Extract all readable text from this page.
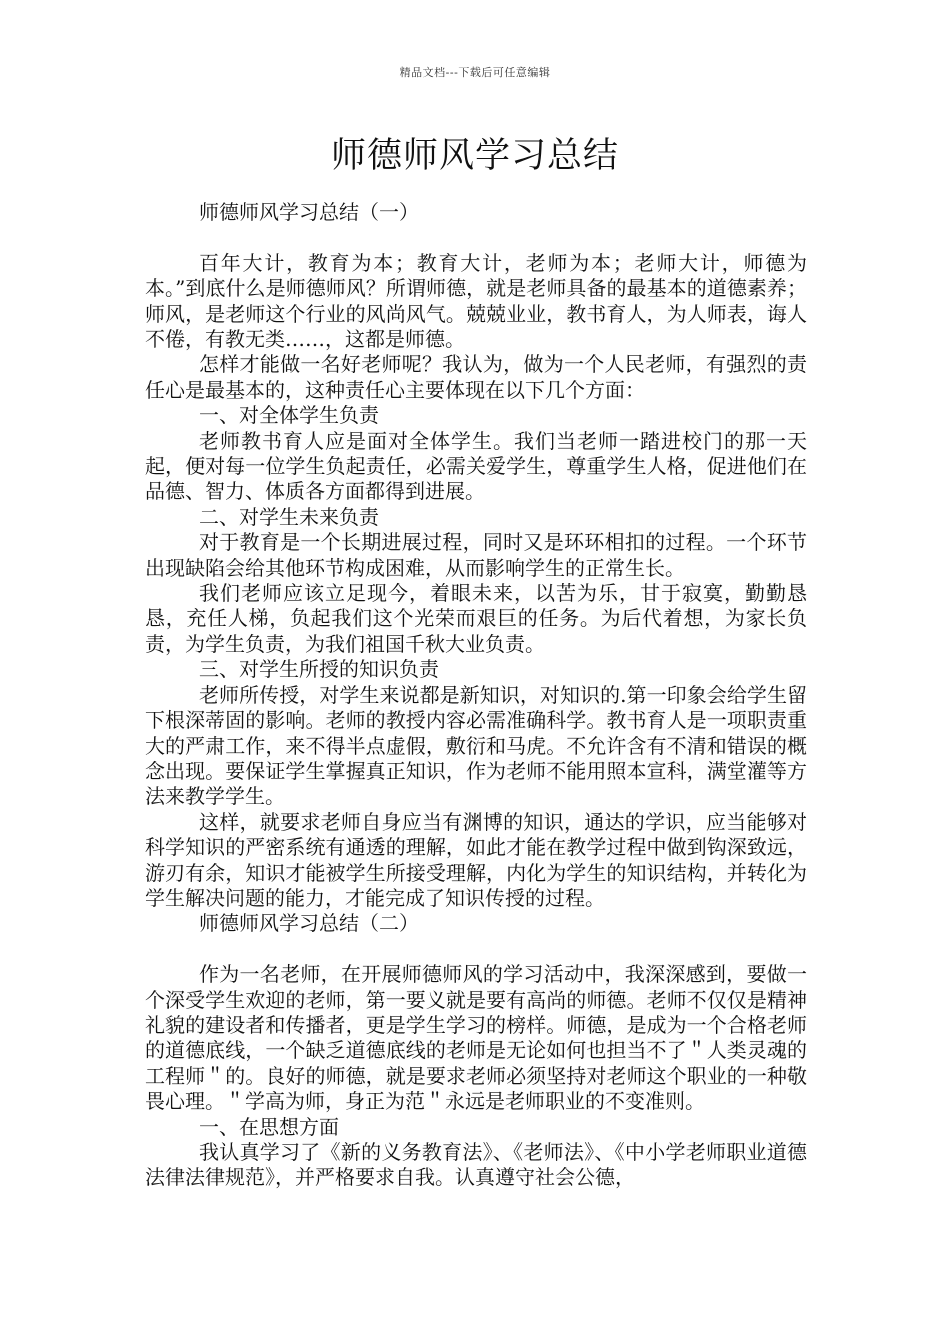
精品文档---下载后可任意编辑
师德师风学习总结

师德师风学习总结（一）

百年大计，教育为本；教育大计，老师为本；老师大计，师德为本。”到底什么是师德师风？所谓师德，就是老师具备的最基本的道德素养；师风，是老师这个行业的风尚风气。兢兢业业，教书育人，为人师表，诲人不倦，有教无类……，这都是师德。

怎样才能做一名好老师呢？我认为，做为一个人民老师，有强烈的责任心是最基本的，这种责任心主要体现在以下几个方面：

一、对全体学生负责

老师教书育人应是面对全体学生。我们当老师一踏进校门的那一天起，便对每一位学生负起责任，必需关爱学生，尊重学生人格，促进他们在品德、智力、体质各方面都得到进展。

二、对学生未来负责

对于教育是一个长期进展过程，同时又是环环相扣的过程。一个环节出现缺陷会给其他环节构成困难，从而影响学生的正常生长。

我们老师应该立足现今，着眼未来，以苦为乐，甘于寂寞，勤勤恳恳，充任人梯，负起我们这个光荣而艰巨的任务。为后代着想，为家长负责，为学生负责，为我们祖国千秋大业负责。

三、对学生所授的知识负责

老师所传授，对学生来说都是新知识，对知识的.第一印象会给学生留下根深蒂固的影响。老师的教授内容必需准确科学。教书育人是一项职责重大的严肃工作，来不得半点虚假，敷衍和马虎。不允许含有不清和错误的概念出现。要保证学生掌握真正知识，作为老师不能用照本宣科，满堂灌等方法来教学学生。

这样，就要求老师自身应当有渊博的知识，通达的学识，应当能够对科学知识的严密系统有通透的理解，如此才能在教学过程中做到钩深致远，游刃有余，知识才能被学生所接受理解，内化为学生的知识结构，并转化为学生解决问题的能力，才能完成了知识传授的过程。

师德师风学习总结（二）

作为一名老师，在开展师德师风的学习活动中，我深深感到，要做一个深受学生欢迎的老师，第一要义就是要有高尚的师德。老师不仅仅是精神礼貌的建设者和传播者，更是学生学习的榜样。师德，是成为一个合格老师的道德底线，一个缺乏道德底线的老师是无论如何也担当不了＂人类灵魂的工程师＂的。良好的师德，就是要求老师必须坚持对老师这个职业的一种敬畏心理。＂学高为师，身正为范＂永远是老师职业的不变准则。

一、在思想方面

我认真学习了《新的义务教育法》、《老师法》、《中小学老师职业道德法律法律规范》，并严格要求自我。认真遵守社会公德，
